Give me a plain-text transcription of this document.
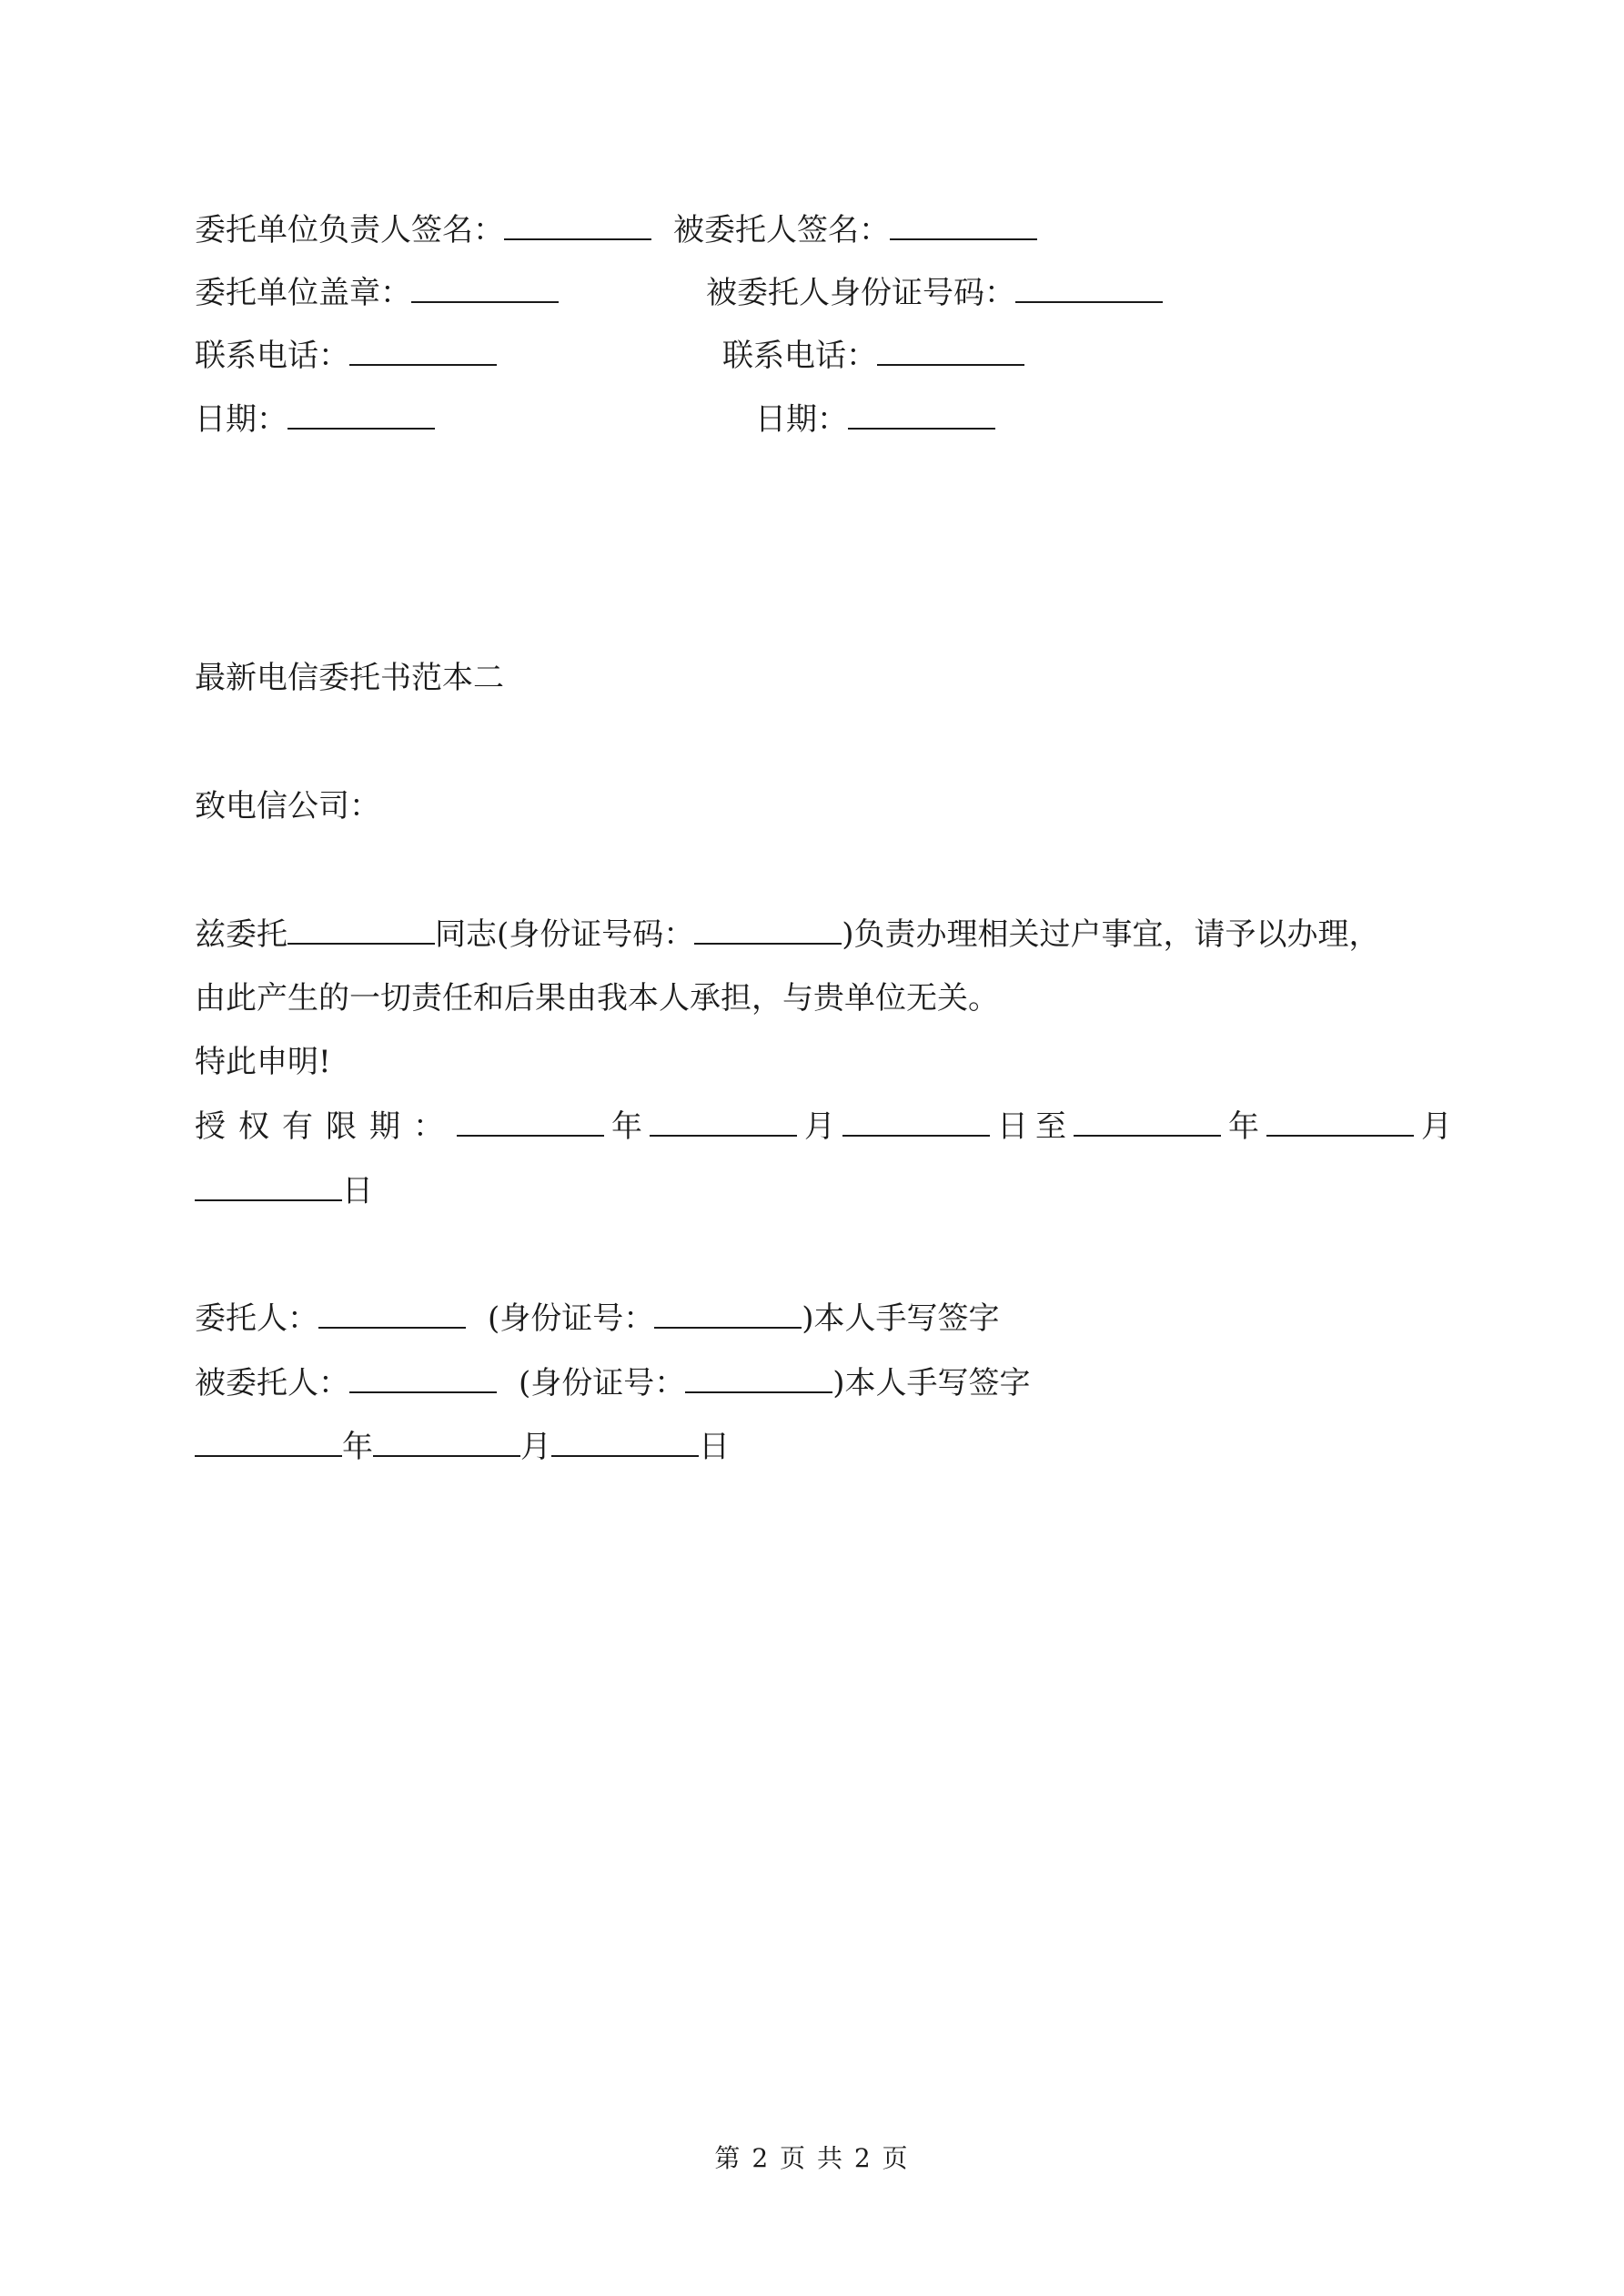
委托单位负责人签名：	被委托人签名：
委托单位盖章：	被委托人身份证号码：
联系电话：	联系电话：
日期：	日期：
最新电信委托书范本二
致电信公司：
兹委托	同志(身份证号码：	)负责办理相关过户事宜，请予以办理，
由此产生的一切责任和后果由我本人承担，与贵单位无关。
特此申明!
授权有限期：	年	月	日 至	年	月
日
委托人：	(身份证号：	)本人手写签字
被委托人：	(身份证号：	)本人手写签字
年	月	日
第 2 页 共 2 页
